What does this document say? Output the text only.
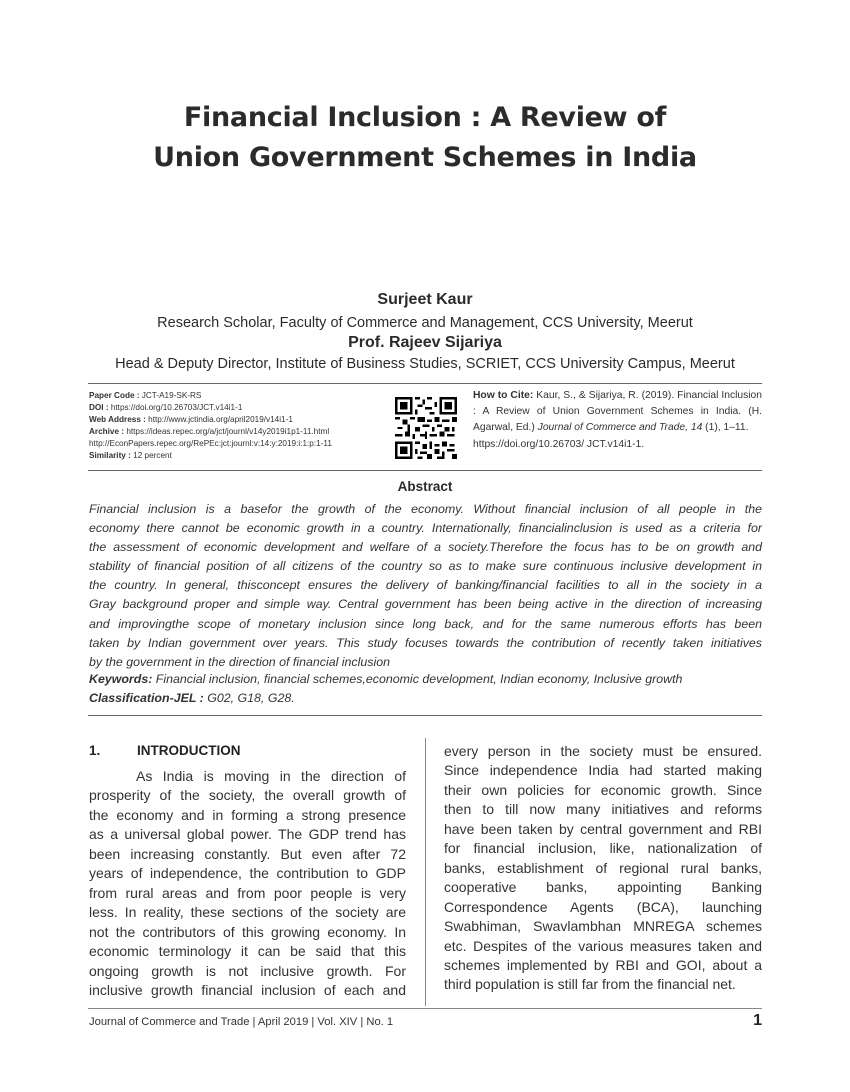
Financial Inclusion : A Review of
Union Government Schemes in India
Surjeet Kaur
Research Scholar, Faculty of Commerce and Management, CCS University, Meerut
Prof. Rajeev Sijariya
Head & Deputy Director, Institute of Business Studies, SCRIET, CCS University Campus, Meerut
Paper Code : JCT-A19-SK-RS
DOI : https://doi.org/10.26703/JCT.v14i1-1
Web Address : http://www.jctindia.org/april2019/v14i1-1
Archive : https://ideas.repec.org/a/jct/journl/v14y2019i1p1-11.html
http://EconPapers.repec.org/RePEc:jct:journl:v:14:y:2019:i:1:p:1-11
Similarity : 12 percent
How to Cite: Kaur, S., & Sijariya, R. (2019). Financial Inclusion : A Review of Union Government Schemes in India. (H. Agarwal, Ed.) Journal of Commerce and Trade, 14 (1), 1–11.
https://doi.org/10.26703/ JCT.v14i1-1.
Abstract
Financial inclusion is a basefor the growth of the economy. Without financial inclusion of all people in the
economy there cannot be economic growth in a country. Internationally, financialinclusion is used as a criteria for
the assessment of economic development and welfare of a society.Therefore the focus has to be on growth and
stability of financial position of all citizens of the country so as to make sure continuous inclusive development in
the country. In general, thisconcept ensures the delivery of banking/financial facilities to all in the society in a
Gray background proper and simple way. Central government has been being active in the direction of increasing
and improvingthe scope of monetary inclusion since long back, and for the same numerous efforts has been
taken by Indian government over years. This study focuses towards the contribution of recently taken initiatives
by the government in the direction of financial inclusion
Keywords: Financial inclusion, financial schemes,economic development, Indian economy, Inclusive growth
Classification-JEL : G02, G18, G28.
1.	INTRODUCTION
As India is moving in the direction of
prosperity of the society, the overall growth of
the economy and in forming a strong presence
as a universal global power. The GDP trend has
been increasing constantly. But even after 72
years of independence, the contribution to GDP
from rural areas and from poor people is very
less. In reality, these sections of the society are
not the contributors of this growing economy. In
economic terminology it can be said that this
ongoing growth is not inclusive growth. For
inclusive growth financial inclusion of each and
every person in the society must be ensured.
Since independence India had started making
their own policies for economic growth. Since
then to till now many initiatives and reforms
have been taken by central government and RBI
for financial inclusion, like, nationalization of
banks, establishment of regional rural banks,
cooperative banks, appointing Banking
Correspondence Agents (BCA), launching
Swabhiman, Swavlambhan MNREGA schemes
etc. Despites of the various measures taken and
schemes implemented by RBI and GOI, about a
third population is still far from the financial net.
Journal of Commerce and Trade | April 2019 | Vol. XIV | No. 1	1
